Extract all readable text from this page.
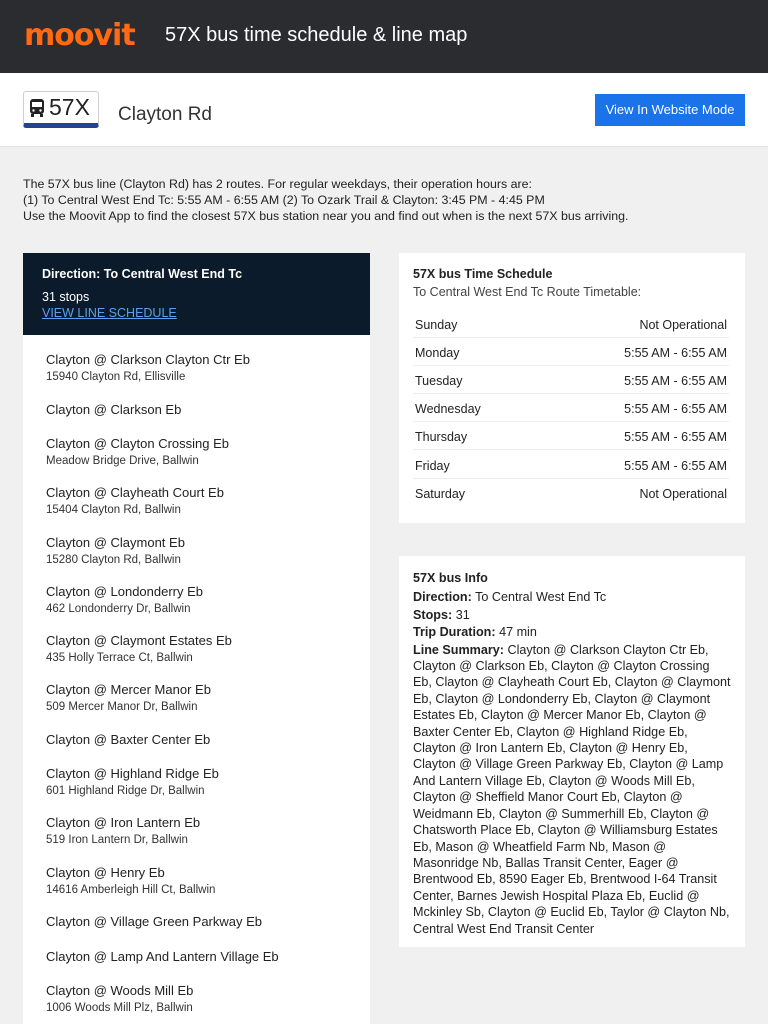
moovit 57X bus time schedule & line map
57X Clayton Rd	View In Website Mode
The 57X bus line (Clayton Rd) has 2 routes. For regular weekdays, their operation hours are:
(1) To Central West End Tc: 5:55 AM - 6:55 AM (2) To Ozark Trail & Clayton: 3:45 PM - 4:45 PM
Use the Moovit App to find the closest 57X bus station near you and find out when is the next 57X bus arriving.
Direction: To Central West End Tc
31 stops
VIEW LINE SCHEDULE
Clayton @ Clarkson Clayton Ctr Eb
15940 Clayton Rd, Ellisville
Clayton @ Clarkson Eb
Clayton @ Clayton Crossing Eb
Meadow Bridge Drive, Ballwin
Clayton @ Clayheath Court Eb
15404 Clayton Rd, Ballwin
Clayton @ Claymont Eb
15280 Clayton Rd, Ballwin
Clayton @ Londonderry Eb
462 Londonderry Dr, Ballwin
Clayton @ Claymont Estates Eb
435 Holly Terrace Ct, Ballwin
Clayton @ Mercer Manor Eb
509 Mercer Manor Dr, Ballwin
Clayton @ Baxter Center Eb
Clayton @ Highland Ridge Eb
601 Highland Ridge Dr, Ballwin
Clayton @ Iron Lantern Eb
519 Iron Lantern Dr, Ballwin
Clayton @ Henry Eb
14616 Amberleigh Hill Ct, Ballwin
Clayton @ Village Green Parkway Eb
Clayton @ Lamp And Lantern Village Eb
Clayton @ Woods Mill Eb
1006 Woods Mill Plz, Ballwin
57X bus Time Schedule
To Central West End Tc Route Timetable:
Sunday	Not Operational
Monday	5:55 AM - 6:55 AM
Tuesday	5:55 AM - 6:55 AM
Wednesday	5:55 AM - 6:55 AM
Thursday	5:55 AM - 6:55 AM
Friday	5:55 AM - 6:55 AM
Saturday	Not Operational
57X bus Info
Direction: To Central West End Tc
Stops: 31
Trip Duration: 47 min
Line Summary: Clayton @ Clarkson Clayton Ctr Eb, Clayton @ Clarkson Eb, Clayton @ Clayton Crossing Eb, Clayton @ Clayheath Court Eb, Clayton @ Claymont Eb, Clayton @ Londonderry Eb, Clayton @ Claymont Estates Eb, Clayton @ Mercer Manor Eb, Clayton @ Baxter Center Eb, Clayton @ Highland Ridge Eb, Clayton @ Iron Lantern Eb, Clayton @ Henry Eb, Clayton @ Village Green Parkway Eb, Clayton @ Lamp And Lantern Village Eb, Clayton @ Woods Mill Eb, Clayton @ Sheffield Manor Court Eb, Clayton @ Weidmann Eb, Clayton @ Summerhill Eb, Clayton @ Chatsworth Place Eb, Clayton @ Williamsburg Estates Eb, Mason @ Wheatfield Farm Nb, Mason @ Masonridge Nb, Ballas Transit Center, Eager @ Brentwood Eb, 8590 Eager Eb, Brentwood I-64 Transit Center, Barnes Jewish Hospital Plaza Eb, Euclid @ Mckinley Sb, Clayton @ Euclid Eb, Taylor @ Clayton Nb, Central West End Transit Center
